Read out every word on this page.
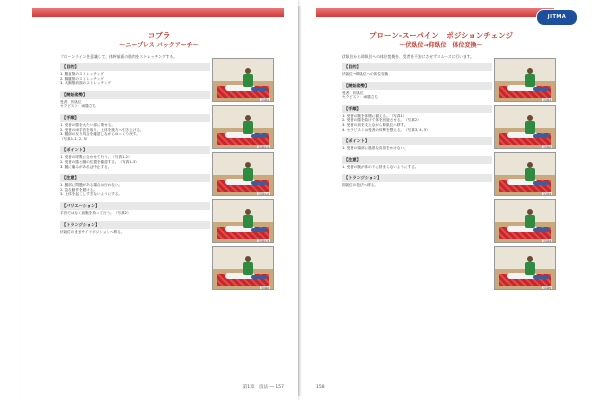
コブラ
〜ニープレス バックアーチ〜
プローンラインを意識して、体幹前面の筋肉をストレッチングする。
【目的】
1. 腹直筋のストレッチング
2. 腸腰筋のストレッチング
3. 大胸筋前面のストレッチング
【開始姿勢】
受者：伏臥位
セラピスト：両膝立ち
【手順】
1. 受者の膝を大たい部に乗せる。
2. 受者の両手首を取り、上体を後方へ引き上げる。
3. 腰部の反り具合を確認しながらゆっくり戻す。
（写真1-1, 2, 3）
【ポイント】
1. 受者の呼吸に合わせて行う。（写真1-2）
2. 受者の膝と腰の位置を確認する。（写真1-3）
3. 腰に痛みがあれば中止する。
【注意】
1. 腰部に問題がある場合は行わない。
2. 急な動作を避ける。
3. 上体を起こしすぎないようにする。
【バリエーション】
手首ではなく前腕を持って行う。（写真2）
【トランジション】
伏臥位のままサイドポジションへ移る。
写真1
写真1-1
写真1-2
写真1-3
写真2
第1章　技法 ― 157
JITMA
プローン-スーパイン　ポジションチェンジ
〜伏臥位→仰臥位　体位変換〜
伏臥位から仰臥位への体位変換を、受者を不安にさせずスムーズに行います。
【目的】
伏臥位→仰臥位への体位変換
【開始姿勢】
受者：伏臥位
セラピスト：両膝立ち
【手順】
1. 受者の腕を体側に揃える。（写真1）
2. 受者の膝を曲げて体を回旋させる。（写真2）
3. 受者の肩を支えながら仰臥位へ移す。
4. セラピストは受者の体勢を整える。（写真3, 4, 5）
【ポイント】
1. 受者の頭部に過度な負担をかけない。
【注意】
1. 受者の腕が体の下に挟まらないようにする。
【トランジション】
仰臥位の技法へ移る。
写真1
写真2
写真3
写真4
写真5
158
